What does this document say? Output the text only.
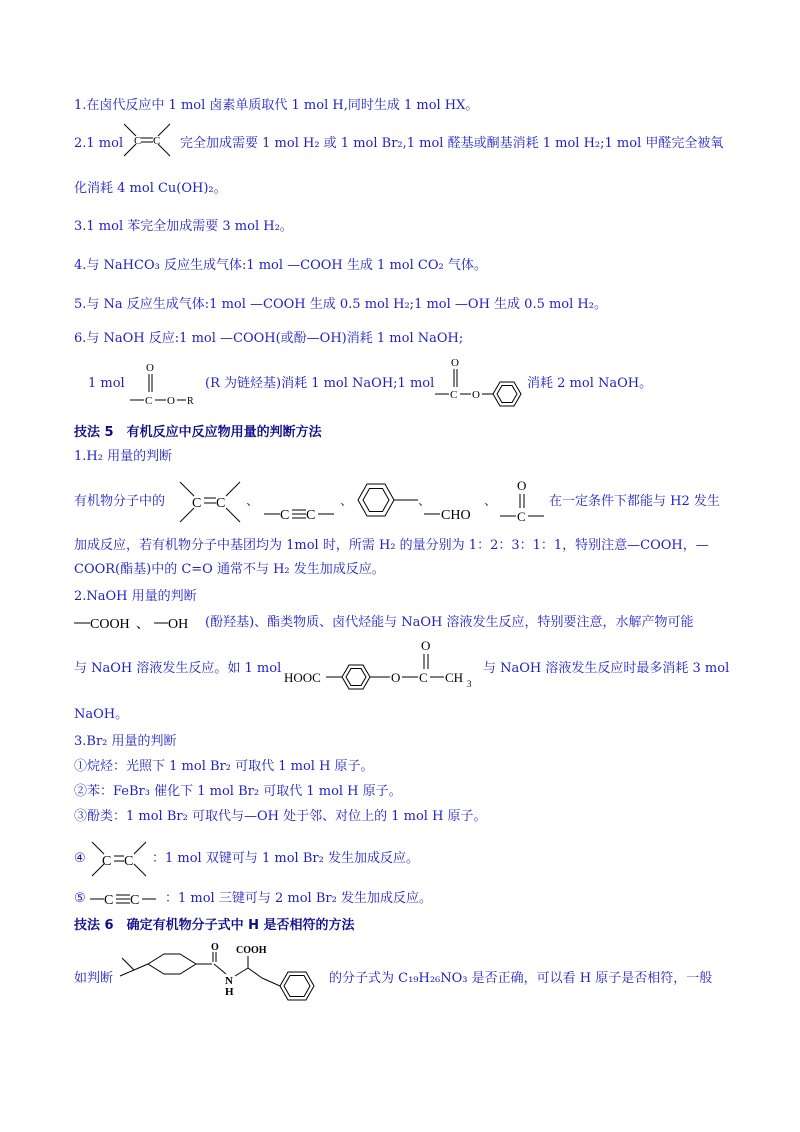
1.在卤代反应中 1 mol 卤素单质取代 1 mol H,同时生成 1 mol HX。
2.1 mol C C 完全加成需要 1 mol H₂ 或 1 mol Br₂,1 mol 醛基或酮基消耗 1 mol H₂;1 mol 甲醛完全被氧
化消耗 4 mol Cu(OH)₂。
3.1 mol 苯完全加成需要 3 mol H₂。
4.与 NaHCO₃ 反应生成气体:1 mol —COOH 生成 1 mol CO₂ 气体。
5.与 Na 反应生成气体:1 mol —COOH 生成 0.5 mol H₂;1 mol —OH 生成 0.5 mol H₂。
6.与 NaOH 反应:1 mol —COOH(或酚—OH)消耗 1 mol NaOH;
1 mol
O
C O R
(R 为链烃基)消耗 1 mol NaOH;1 mol
O
C O
消耗 2 mol NaOH。
技法 5　有机反应中反应物用量的判断方法
1.H₂ 用量的判断
有机物分子中的 C C 、
C C
、	、
CHO
、
O
C
在一定条件下都能与 H2 发生
加成反应，若有机物分子中基团均为 1mol 时，所需 H₂ 的量分别为 1：2：3：1：1，特别注意—COOH，—
COOR(酯基)中的 C=O 通常不与 H₂ 发生加成反应。
2.NaOH 用量的判断
COOH 、 OH (酚羟基)、酯类物质、卤代烃能与 NaOH 溶液发生反应，特别要注意，水解产物可能
与 NaOH 溶液发生反应。如 1 mol
HOOC	O
O
C CH 3
与 NaOH 溶液发生反应时最多消耗 3 mol
NaOH。
3.Br₂ 用量的判断
①烷烃：光照下 1 mol Br₂ 可取代 1 mol H 原子。
②苯：FeBr₃ 催化下 1 mol Br₂ 可取代 1 mol H 原子。
③酚类：1 mol Br₂ 可取代与—OH 处于邻、对位上的 1 mol H 原子。
④ C C ：1 mol 双键可与 1 mol Br₂ 发生加成反应。
⑤ C C ：1 mol 三键可与 2 mol Br₂ 发生加成反应。
技法 6　确定有机物分子式中 H 是否相符的方法
如判断
O
N
H
COOH
的分子式为 C₁₉H₂₆NO₃ 是否正确，可以看 H 原子是否相符，一般
